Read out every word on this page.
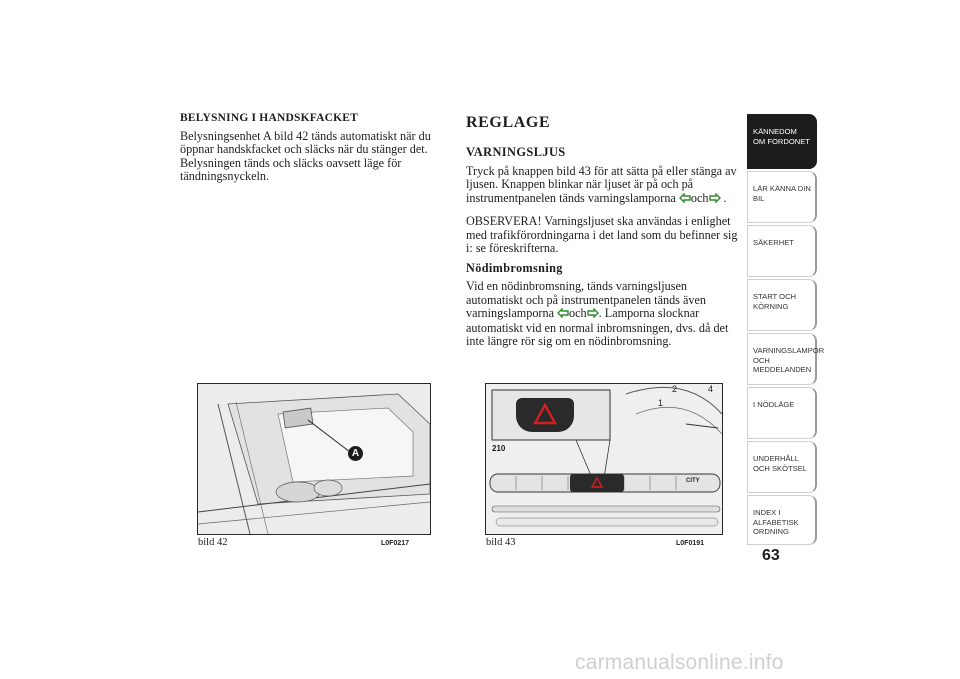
BELYSNING I HANDSKFACKET

Belysningsenhet A bild 42 tänds automatiskt när du öppnar handskfacket och släcks när du stänger det. Belysningen tänds och släcks oavsett läge för tändningsnyckeln.

REGLAGE
VARNINGSLJUS

Tryck på knappen bild 43 för att sätta på eller stänga av ljusen. Knappen blinkar när ljuset är på och på instrumentpanelen tänds varningslamporna och .

OBSERVERA! Varningsljuset ska användas i enlighet med trafikförordningarna i det land som du befinner sig i: se föreskrifterna.

Nödimbromsning

Vid en nödinbromsning, tänds varningsljusen automatiskt och på instrumentpanelen tänds även varningslamporna och . Lamporna slocknar automatiskt vid en normal inbromsningen, dvs. då det inte längre rör sig om en nödinbromsning.

A
bild 42	L0F0217
CITY
2	4
1
210
bild 43	L0F0191
KÄNNEDOM OM FORDONET
LÄR KÄNNA DIN BIL
SÄKERHET
START OCH KÖRNING
VARNINGSLAMPOR OCH MEDDELANDEN
I NÖDLÄGE
UNDERHÅLL OCH SKÖTSEL
INDEX I ALFABETISK ORDNING
63
carmanualsonline.info
